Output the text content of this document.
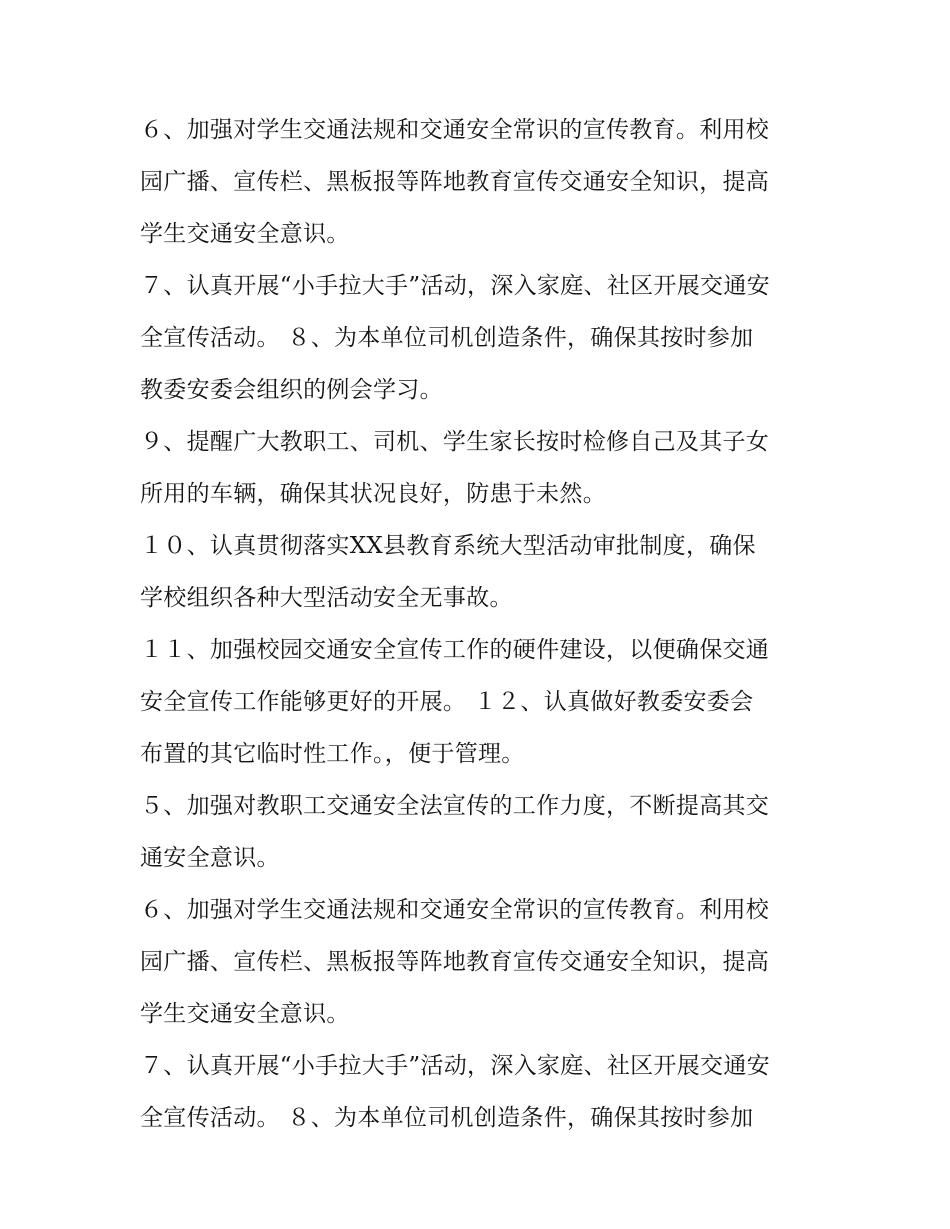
６、加强对学生交通法规和交通安全常识的宣传教育。利用校
园广播、宣传栏、黑板报等阵地教育宣传交通安全知识，提高
学生交通安全意识。
７、认真开展“小手拉大手”活动，深入家庭、社区开展交通安
全宣传活动。 ８、为本单位司机创造条件，确保其按时参加
教委安委会组织的例会学习。
９、提醒广大教职工、司机、学生家长按时检修自己及其子女
所用的车辆，确保其状况良好，防患于未然。
１０、认真贯彻落实XX县教育系统大型活动审批制度，确保
学校组织各种大型活动安全无事故。
１１、加强校园交通安全宣传工作的硬件建设，以便确保交通
安全宣传工作能够更好的开展。 １２、认真做好教委安委会
布置的其它临时性工作。，便于管理。
５、加强对教职工交通安全法宣传的工作力度，不断提高其交
通安全意识。
６、加强对学生交通法规和交通安全常识的宣传教育。利用校
园广播、宣传栏、黑板报等阵地教育宣传交通安全知识，提高
学生交通安全意识。
７、认真开展“小手拉大手”活动，深入家庭、社区开展交通安
全宣传活动。 ８、为本单位司机创造条件，确保其按时参加
